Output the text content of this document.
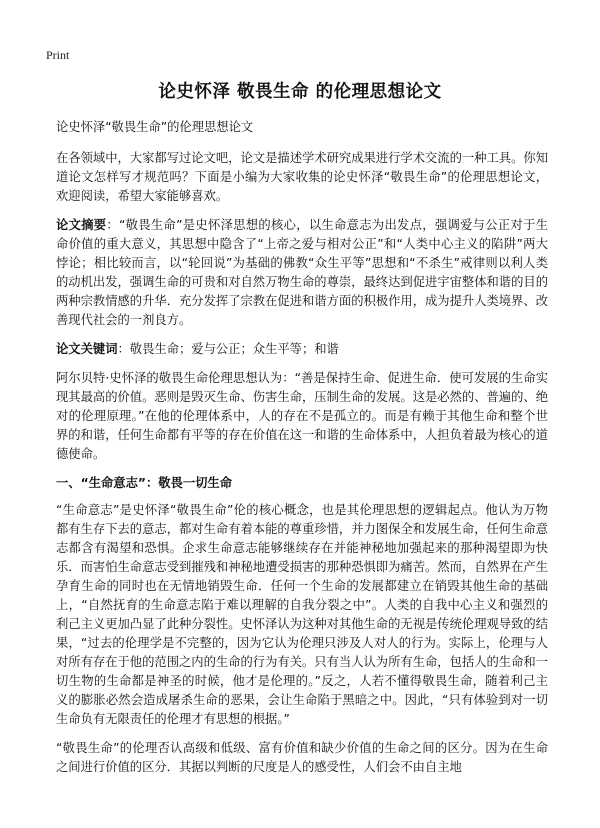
Print
论史怀泽 敬畏生命 的伦理思想论文

论史怀泽“敬畏生命”的伦理思想论文

在各领域中，大家都写过论文吧，论文是描述学术研究成果进行学术交流的一种工具。你知道论文怎样写才规范吗？下面是小编为大家收集的论史怀泽“敬畏生命”的伦理思想论文，欢迎阅读，希望大家能够喜欢。

论文摘要：“敬畏生命”是史怀泽思想的核心，以生命意志为出发点，强调爱与公正对于生命价值的重大意义，其思想中隐含了“上帝之爱与相对公正”和“人类中心主义的陷阱”两大悖论；相比较而言，以“轮回说”为基础的佛教“众生平等”思想和“不杀生”戒律则以利人类的动机出发，强调生命的可贵和对自然万物生命的尊崇，最终达到促进宇宙整体和谐的目的两种宗教情感的升华．充分发挥了宗教在促进和谐方面的积极作用，成为提升人类境界、改善现代社会的一剂良方。

论文关键词：敬畏生命；爱与公正；众生平等；和谐

阿尔贝特·史怀泽的敬畏生命伦理思想认为：“善是保持生命、促进生命．使可发展的生命实现其最高的价值。恶则是毁灭生命、伤害生命，压制生命的发展。这是必然的、普遍的、绝对的伦理原理。”在他的伦理体系中，人的存在不是孤立的。而是有赖于其他生命和整个世界的和谐，任何生命都有平等的存在价值在这一和谐的生命体系中，人担负着最为核心的道德使命。

一、“生命意志”：敬畏一切生命

“生命意志”是史怀泽“敬畏生命”伦的核心概念，也是其伦理思想的逻辑起点。他认为万物都有生存下去的意志，都对生命有着本能的尊重珍惜，并力图保全和发展生命，任何生命意志都含有渴望和恐惧。企求生命意志能够继续存在并能神秘地加强起来的那种渴望即为快乐．而害怕生命意志受到摧残和神秘地遭受损害的那种恐惧即为痛苦。然而，自然界在产生孕育生命的同时也在无情地销毁生命．任何一个生命的发展都建立在销毁其他生命的基础上，“自然抚育的生命意志陷于难以理解的自我分裂之中”。人类的自我中心主义和强烈的利己主义更加凸显了此种分裂性。史怀泽认为这种对其他生命的无视是传统伦理观导致的结果，“过去的伦理学是不完整的，因为它认为伦理只涉及人对人的行为。实际上，伦理与人对所有存在于他的范围之内的生命的行为有关。只有当人认为所有生命，包括人的生命和一切生物的生命都是神圣的时候，他才是伦理的。”反之，人若不懂得敬畏生命，随着利己主义的膨胀必然会造成屠杀生命的恶果，会让生命陷于黑暗之中。因此，“只有体验到对一切生命负有无限责任的伦理才有思想的根据。”

“敬畏生命”的伦理否认高级和低级、富有价值和缺少价值的生命之间的区分。因为在生命之间进行价值的区分．其据以判断的尺度是人的感受性，人们会不由自主地
